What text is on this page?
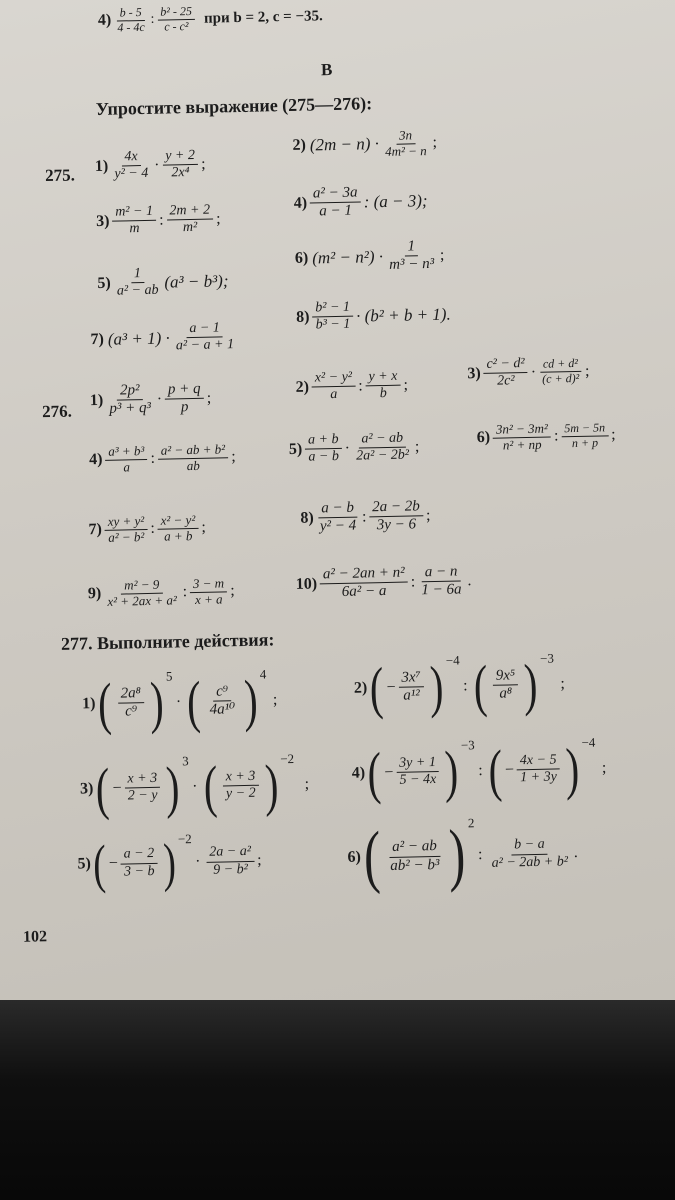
$4) \frac{b - 5}{4 - 4c}$ : $\frac{\text{b² - 25}}{\text{c - c²}}$ при b = 2, c = −35.
В
Упростите выражение (275—276):
275. $1) \frac{4x}{\text{y² − 4}} \cdot \frac{y + 2}{\text{2x⁴}}$ ;
2) $(2m - n) \cdot \frac{3n}{\text{4m² − n}}$ ;
$3) \frac{\text{m² − 1}}{m}$ : $\frac{2m + 2}{\text{m²}}$ ;
$4) \frac{\text{a² − 3a}}{a - 1}$ : (a − 3);
$5) \frac{1}{\text{a² − ab}} (a^3 - b^3)$;
6) $(m^2 - n^2) \cdot \frac{1}{\text{m³ − n³}}$ ;
7) $(a^3 + 1) \cdot \frac{a - 1}{\text{a² − a + 1}}$
$8) \frac{\text{b² − 1}}{\text{b³ − 1}} \cdot (b^2 + b + 1)$.
276.
$1) \frac{\text{2p²}}{\text{p³ + q³}} \cdot \frac{p + q}{p}$ ;
$2) \frac{\text{x² − y²}}{a}$ : $\frac{y + x}{b}$ ;
$3) \frac{\text{c² − d²}}{\text{2c²}} \cdot \frac{\text{cd + d²}}{\text{(c + d)²}}$ ;
$4) \frac{\text{a³ + b³}}{a}$ : $\frac{\text{a² − ab + b²}}{ab}$ ;	$5) \frac{a + b}{a - b} \cdot \frac{\text{a² − ab}}{\text{2a² − 2b²}}$ ;	$6) \frac{\text{3n² − 3m²}}{\text{n² + np}}$ : $\frac{5m - 5n}{n + p}$ ;
$7) \frac{\text{xy + y²}}{\text{a² − b²}}$ : $\frac{\text{x² − y²}}{a + b}$ ;
$8) \frac{a - b}{\text{y² − 4}}$ : $\frac{2a - 2b}{3y - 6}$ ;
$9) \frac{\text{m² − 9}}{\text{x² + 2ax + a²}}$ : $\frac{3 - m}{x + a}$ ;	$10) \frac{\text{a² − 2an + n²}}{\text{6a² − a}}$ : $\frac{a - n}{1 - 6a}$ .
277. Выполните действия:
1) ( $\frac{\text{2a⁸}}{\text{c⁹}}$ ) 5
· ( $\frac{\text{c⁹}}{\text{4a¹⁰}}$ ) 4
;
2) ( − $\frac{\text{3x⁷}}{\text{a¹²}}$ ) −4
: ( $\frac{\text{9x⁵}}{\text{a⁸}}$ ) −3
;
3) ( − $\frac{x + 3}{2 - y}$ ) 3
· ( $\frac{x + 3}{y - 2}$ ) −2
;
4) ( − $\frac{3y + 1}{5 - 4x}$ ) −3
: ( − $\frac{4x - 5}{1 + 3y}$ ) −4
;
5) ( − $\frac{a - 2}{3 - b}$ ) −2
· $\frac{\text{2a − a²}}{\text{9 − b²}}$ ;	6) ( $\frac{\text{a² − ab}}{\text{ab² − b³}}$ ) 2
: $\frac{b - a}{\text{a² − 2ab + b²}}$ .
102
